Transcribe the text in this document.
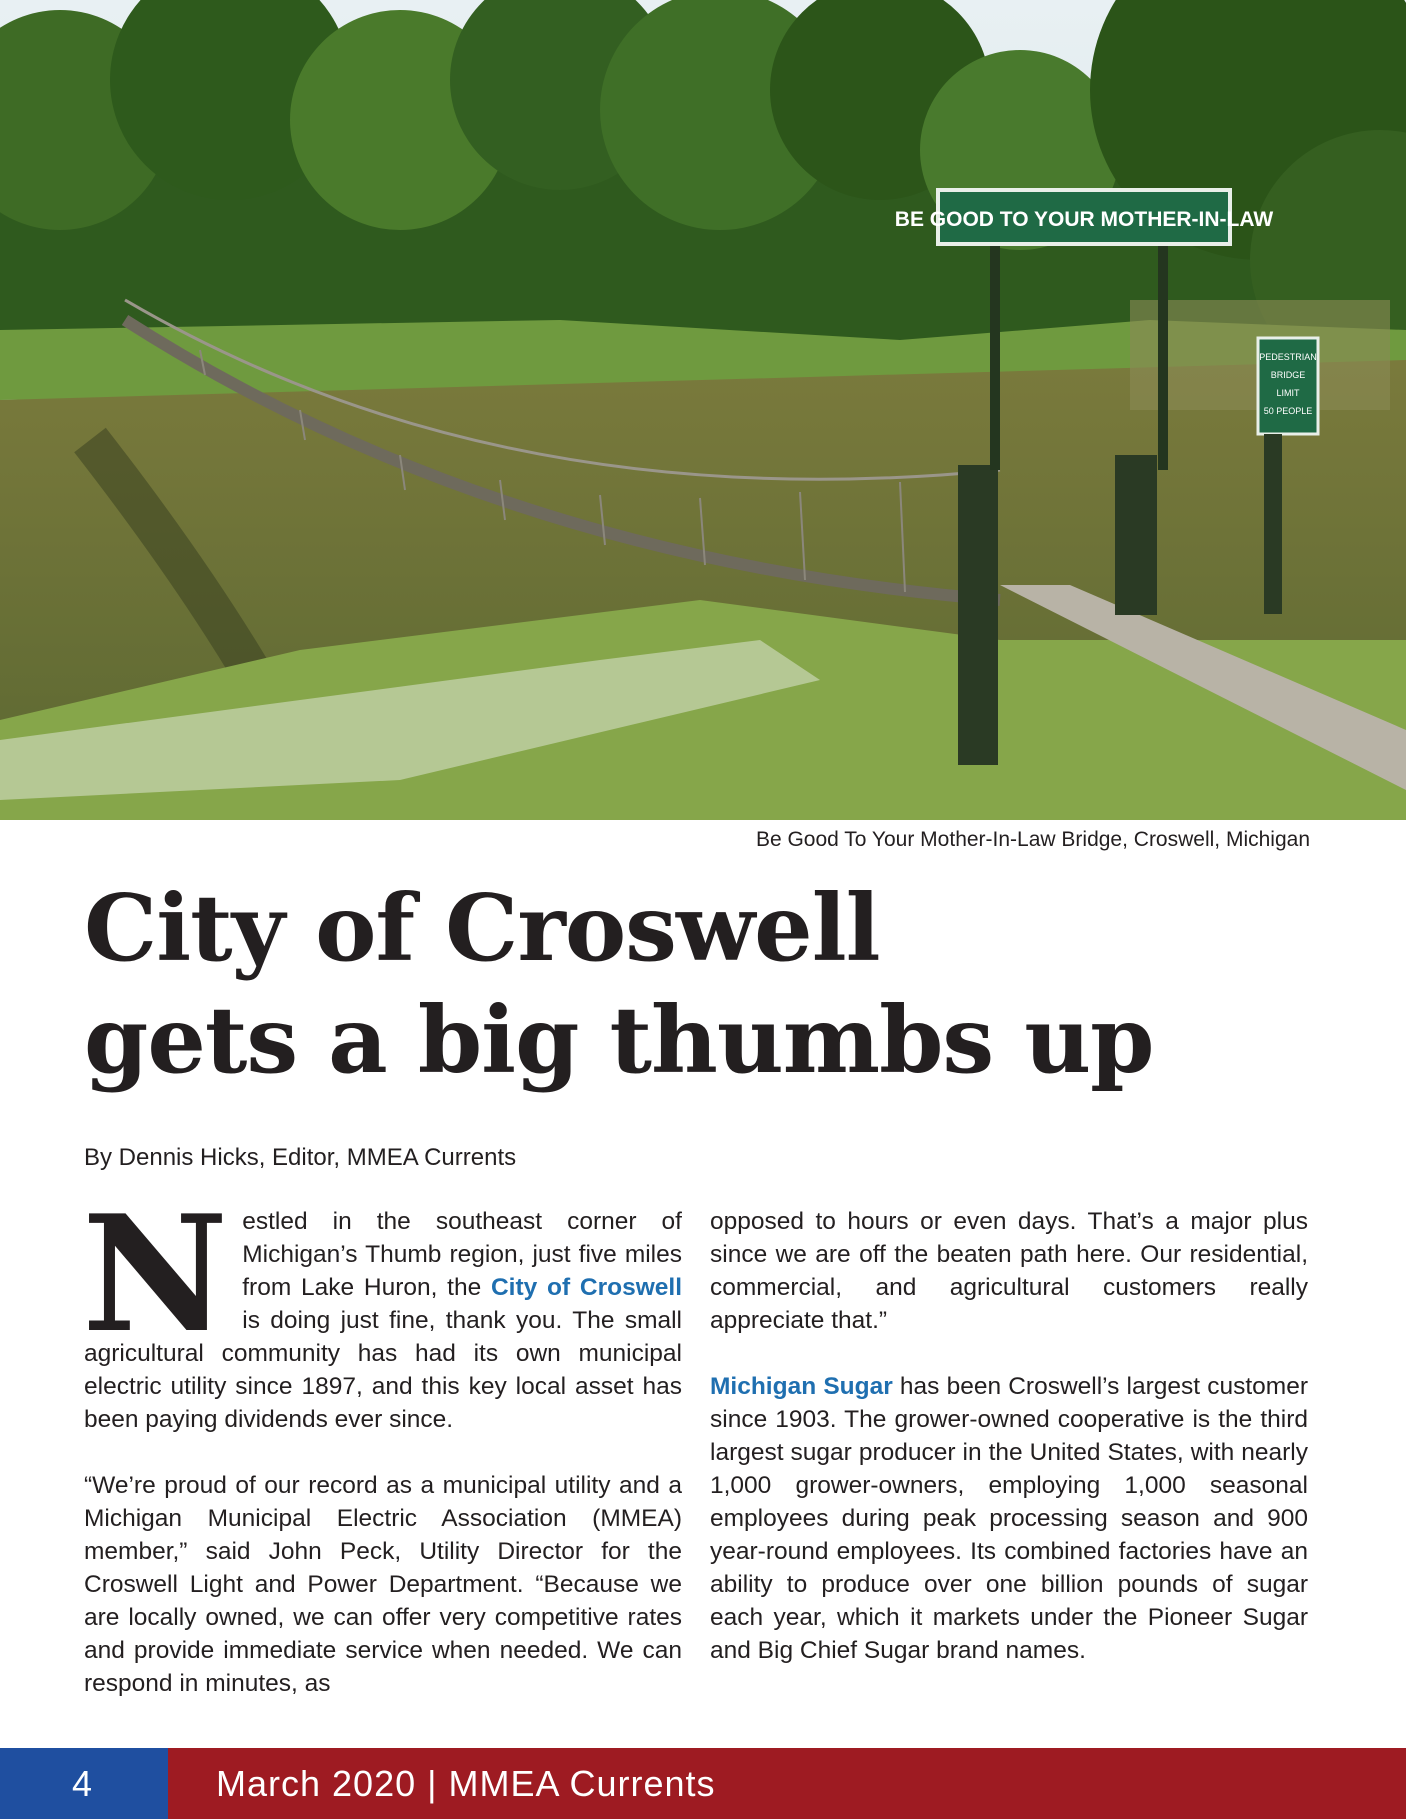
BE GOOD TO YOUR MOTHER-IN-LAW
PEDESTRIAN
BRIDGE
LIMIT
50 PEOPLE
Be Good To Your Mother-In-Law Bridge, Croswell, Michigan
City of Croswell
gets a big thumbs up
By Dennis Hicks, Editor, MMEA Currents

Nestled in the southeast corner of Michigan’s Thumb region, just five miles from Lake Huron, the City of Croswell is doing just fine, thank you. The small agricultural community has had its own municipal electric utility since 1897, and this key local asset has been paying dividends ever since.

“We’re proud of our record as a municipal utility and a Michigan Municipal Electric Association (MMEA) member,” said John Peck, Utility Director for the Croswell Light and Power Department. “Because we are locally owned, we can offer very competitive rates and provide immediate service when needed. We can respond in minutes, as

opposed to hours or even days. That’s a major plus since we are off the beaten path here. Our residential, commercial, and agricultural customers really appreciate that.”

Michigan Sugar has been Croswell’s largest customer since 1903. The grower-owned cooperative is the third largest sugar producer in the United States, with nearly 1,000 grower-owners, employing 1,000 seasonal employees during peak processing season and 900 year-round employees. Its combined factories have an ability to produce over one billion pounds of sugar each year, which it markets under the Pioneer Sugar and Big Chief Sugar brand names.

4	March 2020 | MMEA Currents
